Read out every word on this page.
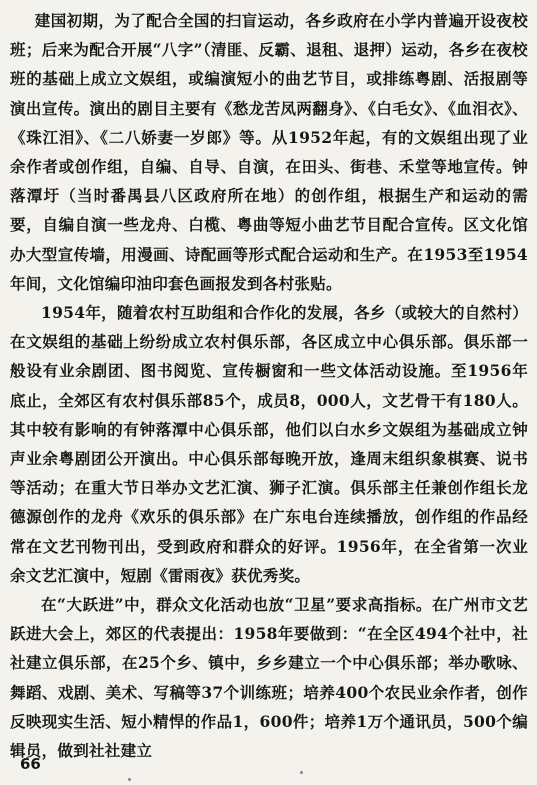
建国初期，为了配合全国的扫盲运动，各乡政府在小学内普遍开设夜校班；后来为配合开展“八字”（清匪、反霸、退租、退押）运动，各乡在夜校班的基础上成立文娱组，或编演短小的曲艺节目，或排练粤剧、活报剧等演出宣传。演出的剧目主要有《愁龙苦凤两翻身》、《白毛女》、《血泪衣》、《珠江泪》、《二八娇妻一岁郎》等。从1952年起，有的文娱组出现了业余作者或创作组，自编、自导、自演，在田头、街巷、禾堂等地宣传。钟落潭圩（当时番禺县八区政府所在地）的创作组，根据生产和运动的需要，自编自演一些龙舟、白榄、粤曲等短小曲艺节目配合宣传。区文化馆办大型宣传墙，用漫画、诗配画等形式配合运动和生产。在1953至1954年间，文化馆编印油印套色画报发到各村张贴。

1954年，随着农村互助组和合作化的发展，各乡（或较大的自然村）在文娱组的基础上纷纷成立农村俱乐部，各区成立中心俱乐部。俱乐部一般设有业余剧团、图书阅览、宣传橱窗和一些文体活动设施。至1956年底止，全郊区有农村俱乐部85个，成员8，000人，文艺骨干有180人。其中较有影响的有钟落潭中心俱乐部，他们以白水乡文娱组为基础成立钟声业余粤剧团公开演出。中心俱乐部每晚开放，逢周末组织象棋赛、说书等活动；在重大节日举办文艺汇演、狮子汇演。俱乐部主任兼创作组长龙德源创作的龙舟《欢乐的俱乐部》在广东电台连续播放，创作组的作品经常在文艺刊物刊出，受到政府和群众的好评。1956年，在全省第一次业余文艺汇演中，短剧《雷雨夜》获优秀奖。

在“大跃进”中，群众文化活动也放“卫星”要求高指标。在广州市文艺跃进大会上，郊区的代表提出：1958年要做到：“在全区494个社中，社社建立俱乐部，在25个乡、镇中，乡乡建立一个中心俱乐部；举办歌咏、舞蹈、戏剧、美术、写稿等37个训练班；培养400个农民业余作者，创作反映现实生活、短小精悍的作品1，600件；培养1万个通讯员，500个编辑员，做到社社建立

66
